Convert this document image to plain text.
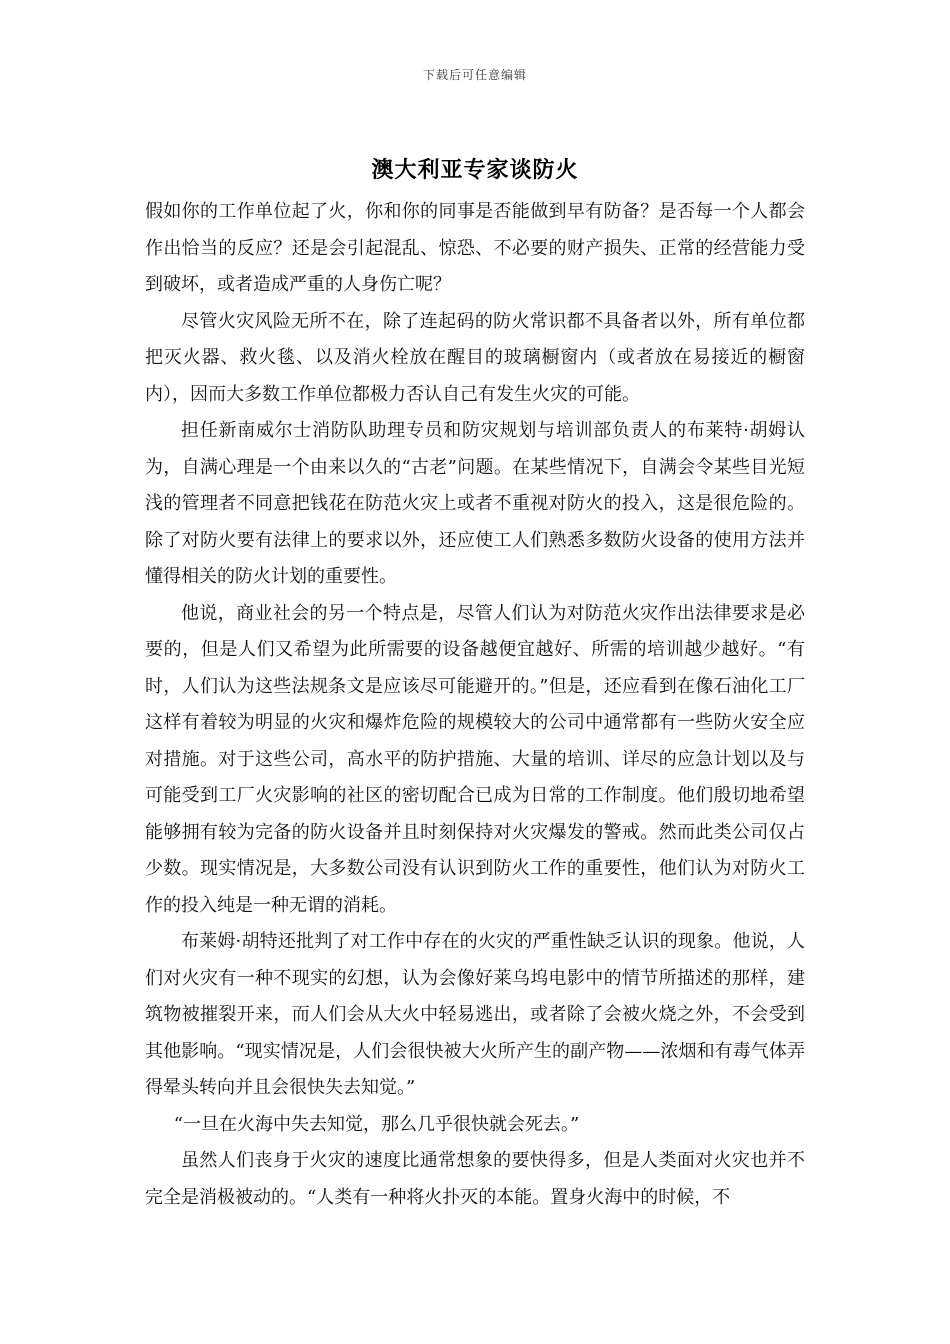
下载后可任意编辑
澳大利亚专家谈防火

假如你的工作单位起了火，你和你的同事是否能做到早有防备？是否每一个人都会作出恰当的反应？还是会引起混乱、惊恐、不必要的财产损失、正常的经营能力受到破坏，或者造成严重的人身伤亡呢？

尽管火灾风险无所不在，除了连起码的防火常识都不具备者以外，所有单位都把灭火器、救火毯、以及消火栓放在醒目的玻璃橱窗内（或者放在易接近的橱窗内），因而大多数工作单位都极力否认自己有发生火灾的可能。

担任新南威尔士消防队助理专员和防灾规划与培训部负责人的布莱特·胡姆认为，自满心理是一个由来以久的“古老”问题。在某些情况下，自满会令某些目光短浅的管理者不同意把钱花在防范火灾上或者不重视对防火的投入，这是很危险的。除了对防火要有法律上的要求以外，还应使工人们熟悉多数防火设备的使用方法并懂得相关的防火计划的重要性。

他说，商业社会的另一个特点是，尽管人们认为对防范火灾作出法律要求是必要的，但是人们又希望为此所需要的设备越便宜越好、所需的培训越少越好。“有时，人们认为这些法规条文是应该尽可能避开的。”但是，还应看到在像石油化工厂这样有着较为明显的火灾和爆炸危险的规模较大的公司中通常都有一些防火安全应对措施。对于这些公司，高水平的防护措施、大量的培训、详尽的应急计划以及与可能受到工厂火灾影响的社区的密切配合已成为日常的工作制度。他们殷切地希望能够拥有较为完备的防火设备并且时刻保持对火灾爆发的警戒。然而此类公司仅占少数。现实情况是，大多数公司没有认识到防火工作的重要性，他们认为对防火工作的投入纯是一种无谓的消耗。

布莱姆·胡特还批判了对工作中存在的火灾的严重性缺乏认识的现象。他说，人们对火灾有一种不现实的幻想，认为会像好莱乌坞电影中的情节所描述的那样，建筑物被摧裂开来，而人们会从大火中轻易逃出，或者除了会被火烧之外，不会受到其他影响。“现实情况是，人们会很快被大火所产生的副产物——浓烟和有毒气体弄得晕头转向并且会很快失去知觉。”

“一旦在火海中失去知觉，那么几乎很快就会死去。”

虽然人们丧身于火灾的速度比通常想象的要快得多，但是人类面对火灾也并不完全是消极被动的。“人类有一种将火扑灭的本能。置身火海中的时候，不
